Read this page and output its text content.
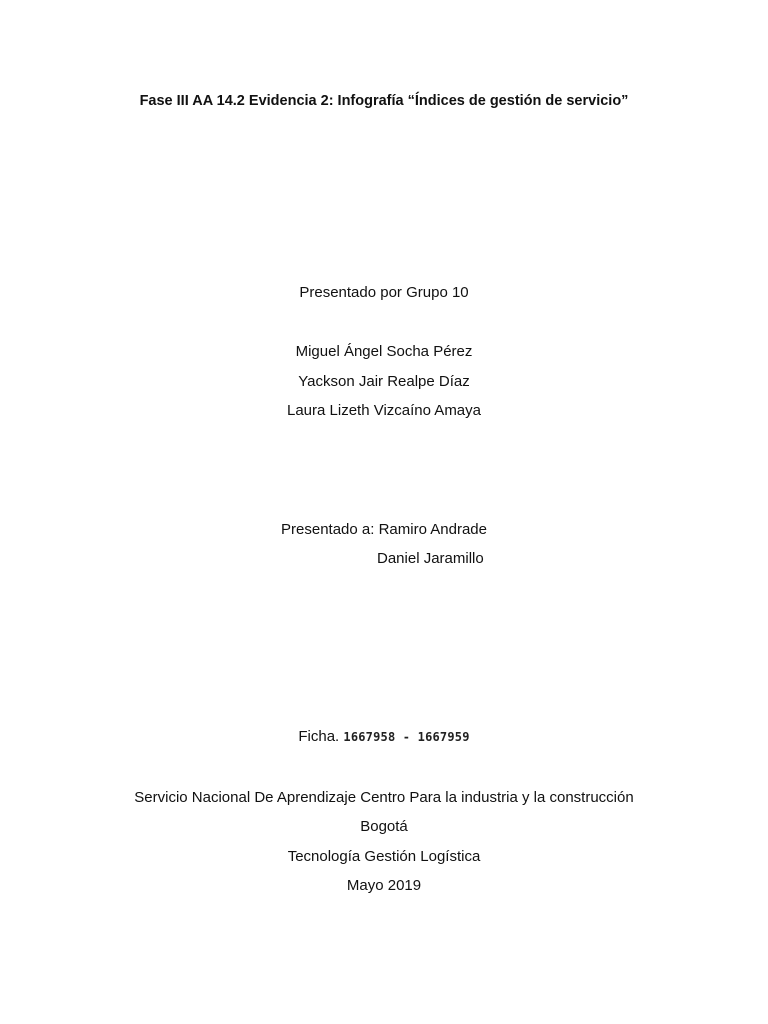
Fase III AA 14.2 Evidencia 2: Infografía “Índices de gestión de servicio”
Presentado por Grupo 10
Miguel Ángel Socha Pérez
Yackson Jair Realpe Díaz
Laura Lizeth Vizcaíno Amaya
Presentado a: Ramiro Andrade
Daniel Jaramillo
Ficha. 1667958 - 1667959
Servicio Nacional De Aprendizaje Centro Para la industria y la construcción
Bogotá
Tecnología Gestión Logística
Mayo 2019
